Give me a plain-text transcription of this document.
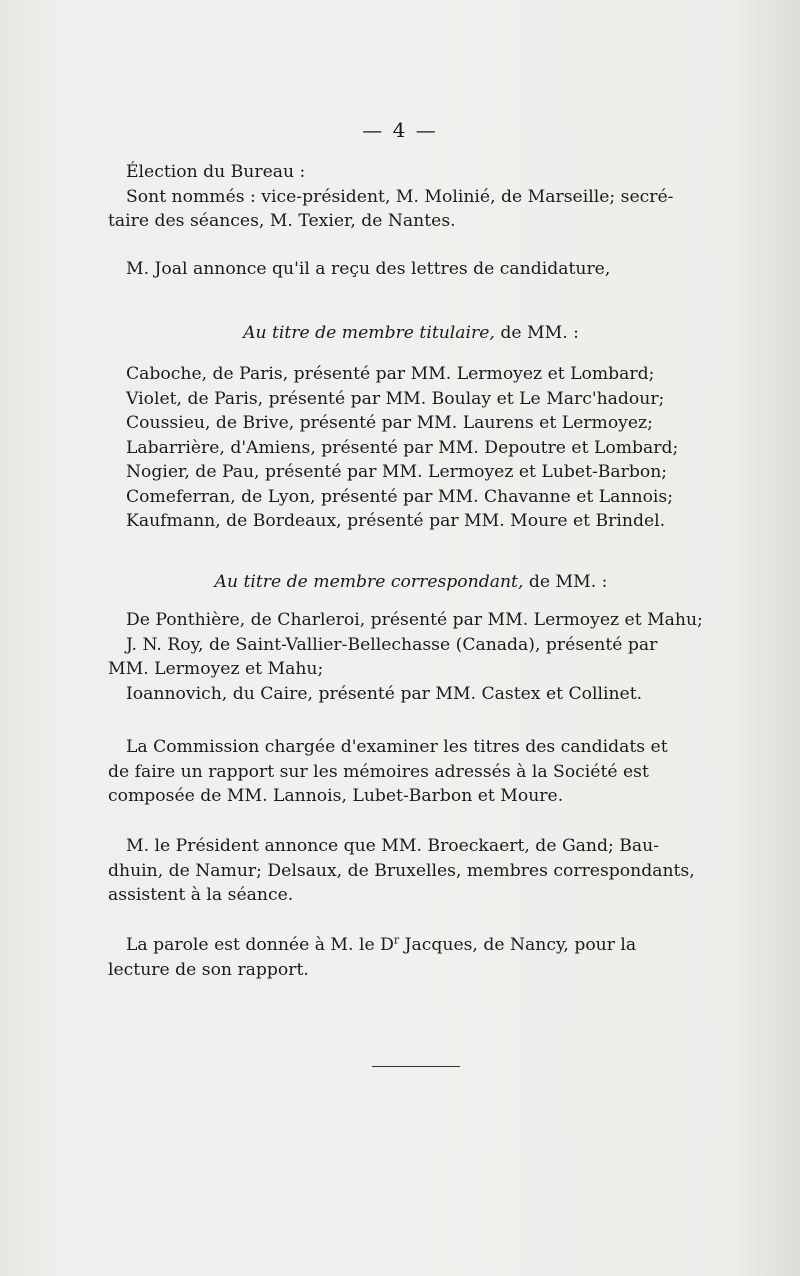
— 4 —

Élection du Bureau :

Sont nommés : vice-président, M. Molinié, de Marseille; secré-

taire des séances, M. Texier, de Nantes.

M. Joal annonce qu'il a reçu des lettres de candidature,

Au titre de membre titulaire, de MM. :

Caboche, de Paris, présenté par MM. Lermoyez et Lombard;

Violet, de Paris, présenté par MM. Boulay et Le Marc'hadour;

Coussieu, de Brive, présenté par MM. Laurens et Lermoyez;

Labarrière, d'Amiens, présenté par MM. Depoutre et Lombard;

Nogier, de Pau, présenté par MM. Lermoyez et Lubet-Barbon;

Comeferran, de Lyon, présenté par MM. Chavanne et Lannois;

Kaufmann, de Bordeaux, présenté par MM. Moure et Brindel.

Au titre de membre correspondant, de MM. :

De Ponthière, de Charleroi, présenté par MM. Lermoyez et Mahu;

J. N. Roy, de Saint-Vallier-Bellechasse (Canada), présenté par

MM. Lermoyez et Mahu;

Ioannovich, du Caire, présenté par MM. Castex et Collinet.

La Commission chargée d'examiner les titres des candidats et

de faire un rapport sur les mémoires adressés à la Société est

composée de MM. Lannois, Lubet-Barbon et Moure.

M. le Président annonce que MM. Broeckaert, de Gand; Bau-

dhuin, de Namur; Delsaux, de Bruxelles, membres correspondants,

assistent à la séance.

La parole est donnée à M. le $D^r$ Jacques, de Nancy, pour la

lecture de son rapport.
